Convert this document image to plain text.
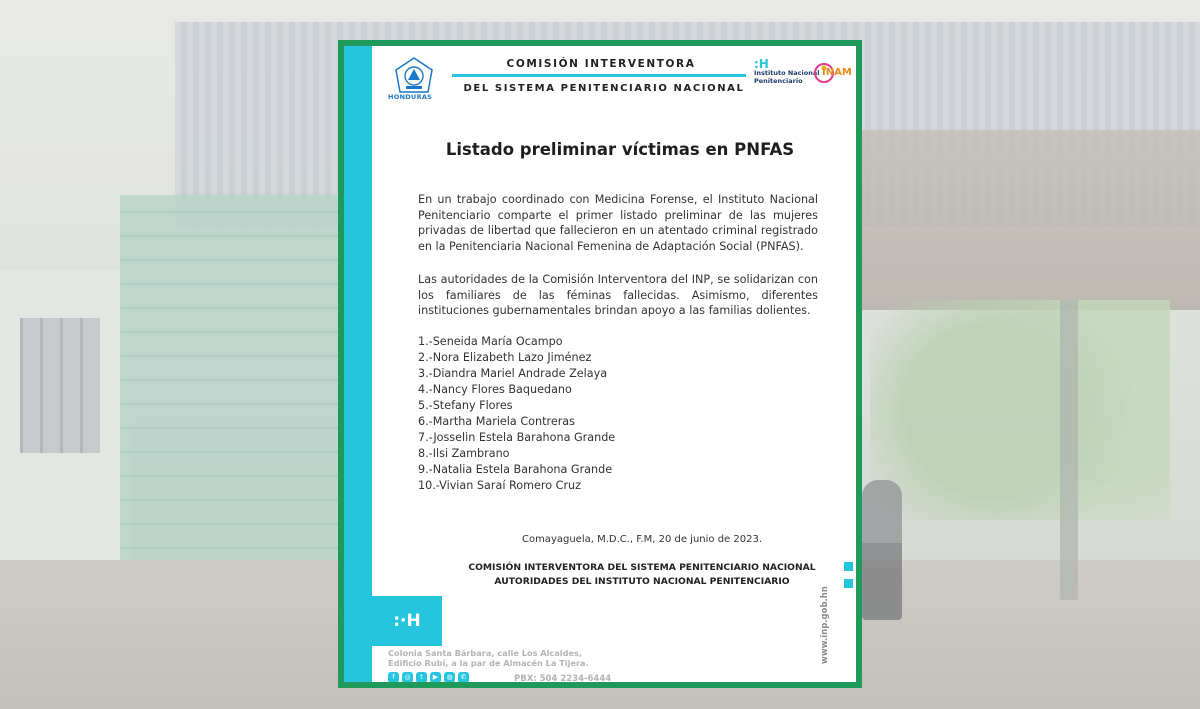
HONDURAS
COMISIÓN INTERVENTORA
DEL SISTEMA PENITENCIARIO NACIONAL
:H
Instituto Nacional
Penitenciario
INAM
Listado preliminar víctimas en PNFAS

En un trabajo coordinado con Medicina Forense, el Instituto Nacional Penitenciario comparte el primer listado preliminar de las mujeres privadas de libertad que fallecieron en un atentado criminal registrado en la Penitenciaria Nacional Femenina de Adaptación Social (PNFAS).

Las autoridades de la Comisión Interventora del INP, se solidarizan con los familiares de las féminas fallecidas. Asimismo, diferentes instituciones gubernamentales brindan apoyo a las familias dolientes.

1.-Seneida María Ocampo
2.-Nora Elizabeth Lazo Jiménez
3.-Diandra Mariel Andrade Zelaya
4.-Nancy Flores Baquedano
5.-Stefany Flores
6.-Martha Mariela Contreras
7.-Josselin Estela Barahona Grande
8.-Ilsi Zambrano
9.-Natalia Estela Barahona Grande
10.-Vivian Saraí Romero Cruz
Comayaguela, M.D.C., F.M, 20 de junio de 2023.
COMISIÓN INTERVENTORA DEL SISTEMA PENITENCIARIO NACIONAL
AUTORIDADES DEL INSTITUTO NACIONAL PENITENCIARIO
www.inp.gob.hn
:·H
Colonia Santa Bárbara, calle Los Alcaldes, Edificio Rubí, a la par de Almacén La Tijera.
f	◎	t	▶	◍	✆	PBX: 504 2234-6444
